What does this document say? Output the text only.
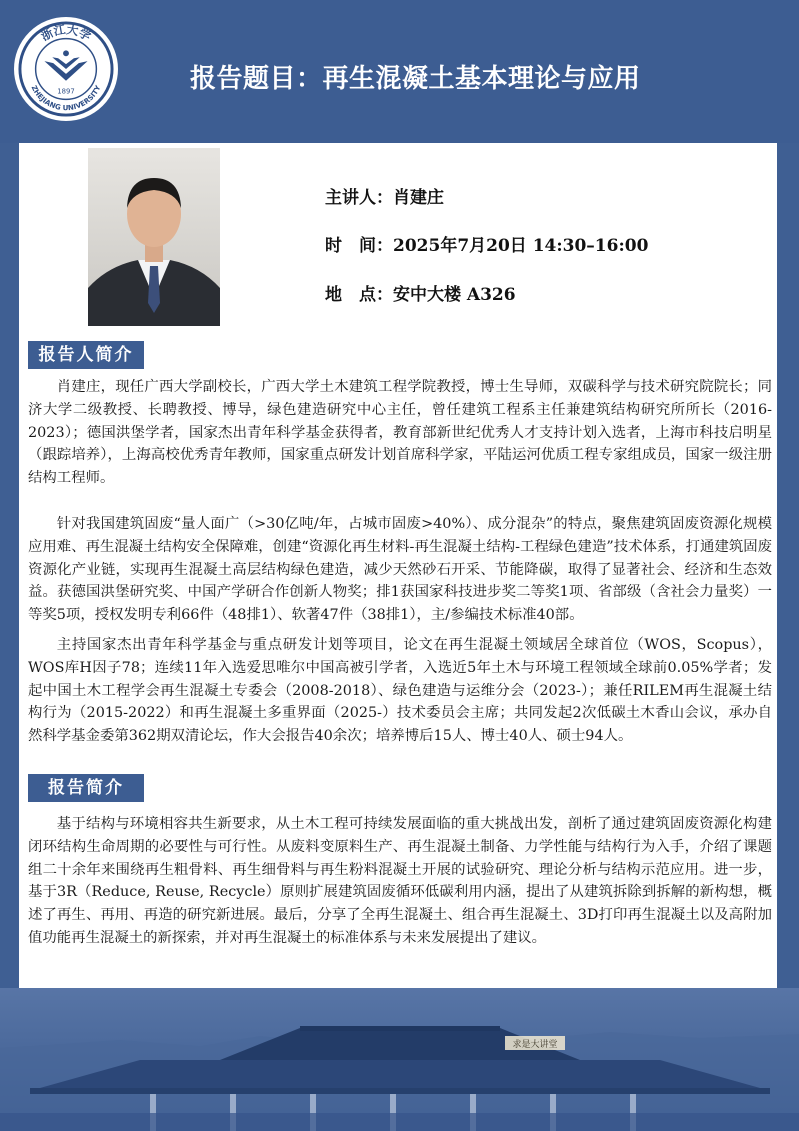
浙江大学
ZHEJIANG UNIVERSITY
1897	报告题目：再生混凝土基本理论与应用
主讲人：肖建庄
时　间：2025年7月20日 14:30–16:00
地　点：安中大楼 A326
报告人简介

肖建庄，现任广西大学副校长，广西大学土木建筑工程学院教授，博士生导师，双碳科学与技术研究院院长；同济大学二级教授、长聘教授、博导，绿色建造研究中心主任，曾任建筑工程系主任兼建筑结构研究所所长（2016-2023）；德国洪堡学者，国家杰出青年科学基金获得者，教育部新世纪优秀人才支持计划入选者，上海市科技启明星（跟踪培养），上海高校优秀青年教师，国家重点研发计划首席科学家，平陆运河优质工程专家组成员，国家一级注册结构工程师。

针对我国建筑固废“量人面广（>30亿吨/年，占城市固废>40%）、成分混杂”的特点，聚焦建筑固废资源化规模应用难、再生混凝土结构安全保障难，创建“资源化再生材料-再生混凝土结构-工程绿色建造”技术体系，打通建筑固废资源化产业链，实现再生混凝土高层结构绿色建造，减少天然砂石开采、节能降碳，取得了显著社会、经济和生态效益。获德国洪堡研究奖、中国产学研合作创新人物奖；排1获国家科技进步奖二等奖1项、省部级（含社会力量奖）一等奖5项，授权发明专利66件（48排1）、软著47件（38排1），主/参编技术标准40部。

主持国家杰出青年科学基金与重点研发计划等项目，论文在再生混凝土领域居全球首位（WOS，Scopus），WOS库H因子78；连续11年入选爱思唯尔中国高被引学者，入选近5年土木与环境工程领域全球前0.05%学者；发起中国土木工程学会再生混凝土专委会（2008-2018）、绿色建造与运维分会（2023-）；兼任RILEM再生混凝土结构行为（2015-2022）和再生混凝土多重界面（2025-）技术委员会主席；共同发起2次低碳土木香山会议，承办自然科学基金委第362期双清论坛，作大会报告40余次；培养博后15人、博士40人、硕士94人。

报告简介

基于结构与环境相容共生新要求，从土木工程可持续发展面临的重大挑战出发，剖析了通过建筑固废资源化构建闭环结构生命周期的必要性与可行性。从废料变原料生产、再生混凝土制备、力学性能与结构行为入手，介绍了课题组二十余年来围绕再生粗骨料、再生细骨料与再生粉料混凝土开展的试验研究、理论分析与结构示范应用。进一步，基于3R（Reduce, Reuse, Recycle）原则扩展建筑固废循环低碳利用内涵，提出了从建筑拆除到拆解的新构想，概述了再生、再用、再造的研究新进展。最后，分享了全再生混凝土、组合再生混凝土、3D打印再生混凝土以及高附加值功能再生混凝土的新探索，并对再生混凝土的标准体系与未来发展提出了建议。

求是大讲堂
